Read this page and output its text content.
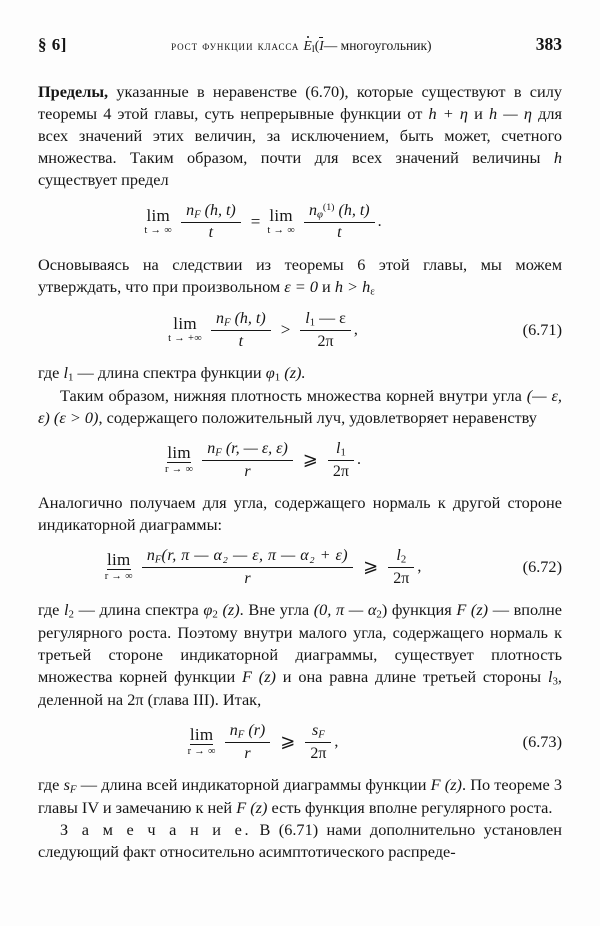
§ 6]	рост функции класса $E_I(I—$ многоугольник)	383

Пределы, указанные в неравенстве (6.70), которые существуют в силу теоремы 4 этой главы, суть непрерывные функции от h + η и h — η для всех значений этих величин, за исключением, быть может, счетного множества. Таким образом, почти для всех значений величины h существует предел

lim
t → ∞ $\frac{n_F (h, t)}{t} = \lim$
t → ∞ $\frac{n_\varphi^{(1)} (h, t)}{t}$ .

Основываясь на следствии из теоремы 6 этой главы, мы можем утверждать, что при произвольном ε = 0 и $h > h_\varepsilon$

lim
t → +∞ $\frac{n_F (h, t)}{t} > \frac{l_1 — \varepsilon}{2\pi}$ ,	(6.71)

где $l_1$ — длина спектра функции $\varphi_1$ (z).

Таким образом, нижняя плотность множества корней внутри угла (— ε, ε) (ε > 0), содержащего положительный луч, удовлетворяет неравенству

lim
r → ∞ $\frac{n_F (r, — \varepsilon, \varepsilon)}{r}$ ⩾ $\frac{l_1}{2\pi}$ .

Аналогично получаем для угла, содержащего нормаль к другой стороне индикаторной диаграммы:

lim
r → ∞ $\frac{n_F(r, \pi — \alpha_2 — \varepsilon, \pi — \alpha_2 + \varepsilon)}{r}$ ⩾ $\frac{l_2}{2\pi}$ ,	(6.72)

где $l_2$ — длина спектра $\varphi_2$ (z). Вне угла (0, π — $\alpha_2$) функция F (z) — вполне регулярного роста. Поэтому внутри малого угла, содержащего нормаль к третьей стороне индикаторной диаграммы, существует плотность множества корней функции F (z) и она равна длине третьей стороны $l_3$, деленной на 2π (глава III). Итак,

lim
r → ∞ $\frac{n_F (r)}{r}$ ⩾ $\frac{s_F}{2\pi}$ ,	(6.73)

где $s_F$ — длина всей индикаторной диаграммы функции F (z). По теореме 3 главы IV и замечанию к ней F (z) есть функция вполне регулярного роста.

З а м е ч а н и е. В (6.71) нами дополнительно установлен следующий факт относительно асимптотического распреде-
